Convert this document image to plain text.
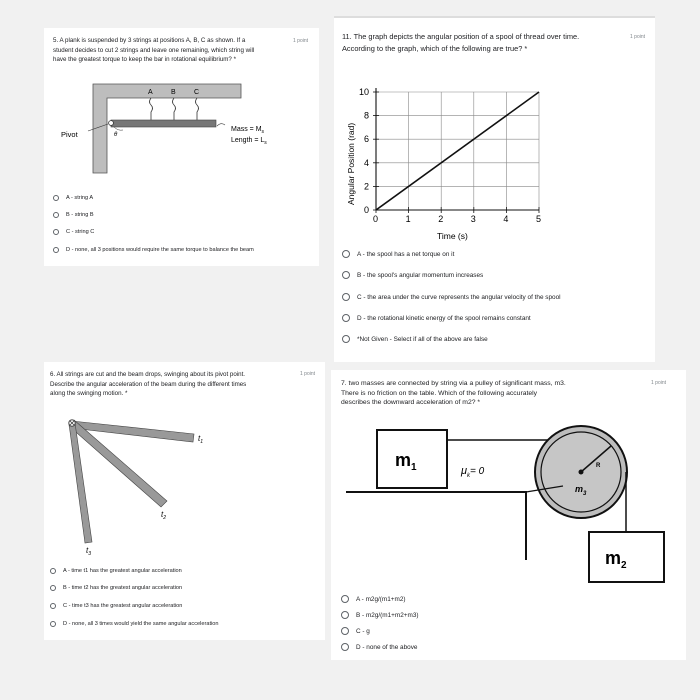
5. A plank is suspended by 3 strings at positions A, B, C as shown. If a
student decides to cut 2 strings and leave one remaining, which string will
have the greatest torque to keep the bar in rotational equilibrium? *
1 point
A	B	C
Pivot	θ
Mass = $M_s$
Length = $L_s$
A - string A
B - string B
C - string C
D - none, all 3 positions would require the same torque to balance the beam
11. The graph depicts the angular position of a spool of thread over time.
According to the graph, which of the following are true? *
1 point
Angular Position (rad)
Time (s)
0	1	2	3	4	5
0
2
4
6
8
10
A - the spool has a net torque on it
B - the spool's angular momentum increases
C - the area under the curve represents the angular velocity of the spool
D - the rotational kinetic energy of the spool remains constant
*Not Given - Select if all of the above are false
6. All strings are cut and the beam drops, swinging about its pivot point.
Describe the angular acceleration of the beam during the different times
along the swinging motion. *
1 point
$t_1$
$t_2$
$t_3$
A - time t1 has the greatest angular acceleration
B - time t2 has the greatest angular acceleration
C - time t3 has the greatest angular acceleration
D - none, all 3 times would yield the same angular acceleration
7. two masses are connected by string via a pulley of significant mass, m3.
There is no friction on the table. Which of the following accurately
describes the downward acceleration of m2? *
1 point
$m_1$	$\mu_k= 0$	R
$m_3$
$m_2$
A - m2g/(m1+m2)
B - m2g/(m1+m2+m3)
C - g
D - none of the above
